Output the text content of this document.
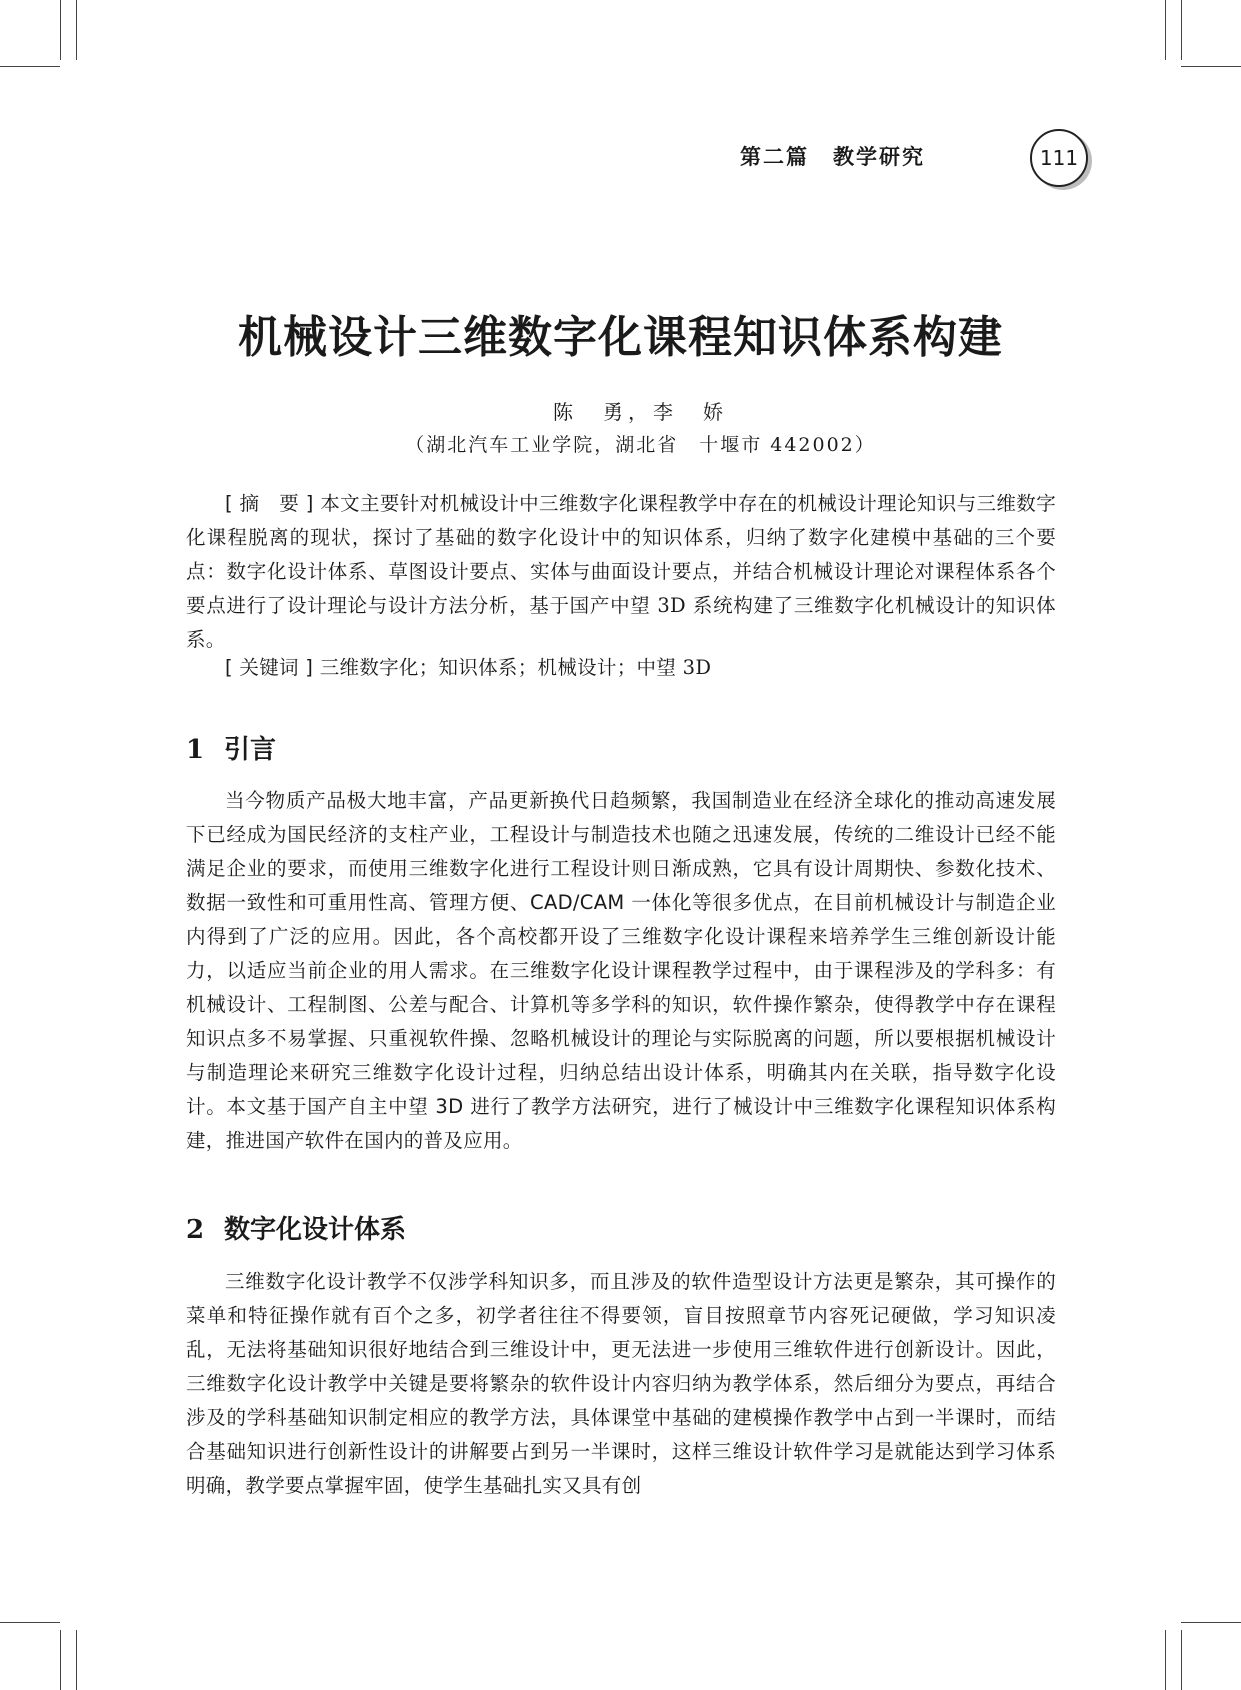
第二篇 教学研究	111
机械设计三维数字化课程知识体系构建
陈　勇，李　娇
（湖北汽车工业学院，湖北省　十堰市 442002）

[ 摘　要 ] 本文主要针对机械设计中三维数字化课程教学中存在的机械设计理论知识与三维数字化课程脱离的现状，探讨了基础的数字化设计中的知识体系，归纳了数字化建模中基础的三个要点：数字化设计体系、草图设计要点、实体与曲面设计要点，并结合机械设计理论对课程体系各个要点进行了设计理论与设计方法分析，基于国产中望 3D 系统构建了三维数字化机械设计的知识体系。

[ 关键词 ] 三维数字化；知识体系；机械设计；中望 3D

1 引言

当今物质产品极大地丰富，产品更新换代日趋频繁，我国制造业在经济全球化的推动高速发展下已经成为国民经济的支柱产业，工程设计与制造技术也随之迅速发展，传统的二维设计已经不能满足企业的要求，而使用三维数字化进行工程设计则日渐成熟，它具有设计周期快、参数化技术、数据一致性和可重用性高、管理方便、CAD/CAM 一体化等很多优点，在目前机械设计与制造企业内得到了广泛的应用。因此，各个高校都开设了三维数字化设计课程来培养学生三维创新设计能力，以适应当前企业的用人需求。在三维数字化设计课程教学过程中，由于课程涉及的学科多：有机械设计、工程制图、公差与配合、计算机等多学科的知识，软件操作繁杂，使得教学中存在课程知识点多不易掌握、只重视软件操、忽略机械设计的理论与实际脱离的问题，所以要根据机械设计与制造理论来研究三维数字化设计过程，归纳总结出设计体系，明确其内在关联，指导数字化设计。本文基于国产自主中望 3D 进行了教学方法研究，进行了械设计中三维数字化课程知识体系构建，推进国产软件在国内的普及应用。

2 数字化设计体系

三维数字化设计教学不仅涉学科知识多，而且涉及的软件造型设计方法更是繁杂，其可操作的菜单和特征操作就有百个之多，初学者往往不得要领，盲目按照章节内容死记硬做，学习知识凌乱，无法将基础知识很好地结合到三维设计中，更无法进一步使用三维软件进行创新设计。因此，三维数字化设计教学中关键是要将繁杂的软件设计内容归纳为教学体系，然后细分为要点，再结合涉及的学科基础知识制定相应的教学方法，具体课堂中基础的建模操作教学中占到一半课时，而结合基础知识进行创新性设计的讲解要占到另一半课时，这样三维设计软件学习是就能达到学习体系明确，教学要点掌握牢固，使学生基础扎实又具有创
